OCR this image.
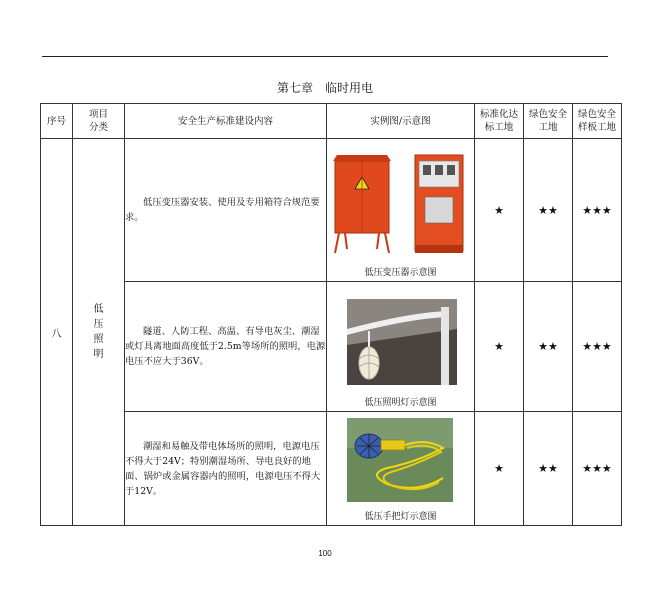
第七章　临时用电
序号	项目分类	安全生产标准建设内容	实例图/示意图	标准化达标工地	绿色安全工地	绿色安全样板工地

八	低压照明	低压变压器安装、使用及专用箱符合规范要求。	低压变压器示意图	★	★★	★★★
		隧道、人防工程、高温、有导电灰尘、潮湿或灯具离地面高度低于2.5m等场所的照明，电源电压不应大于36V。	低压照明灯示意图	★	★★	★★★
		潮湿和易触及带电体场所的照明，电源电压不得大于24V；特别潮湿场所、导电良好的地面、锅炉或金属容器内的照明，电源电压不得大于12V。	低压手把灯示意图	★	★★	★★★
100
